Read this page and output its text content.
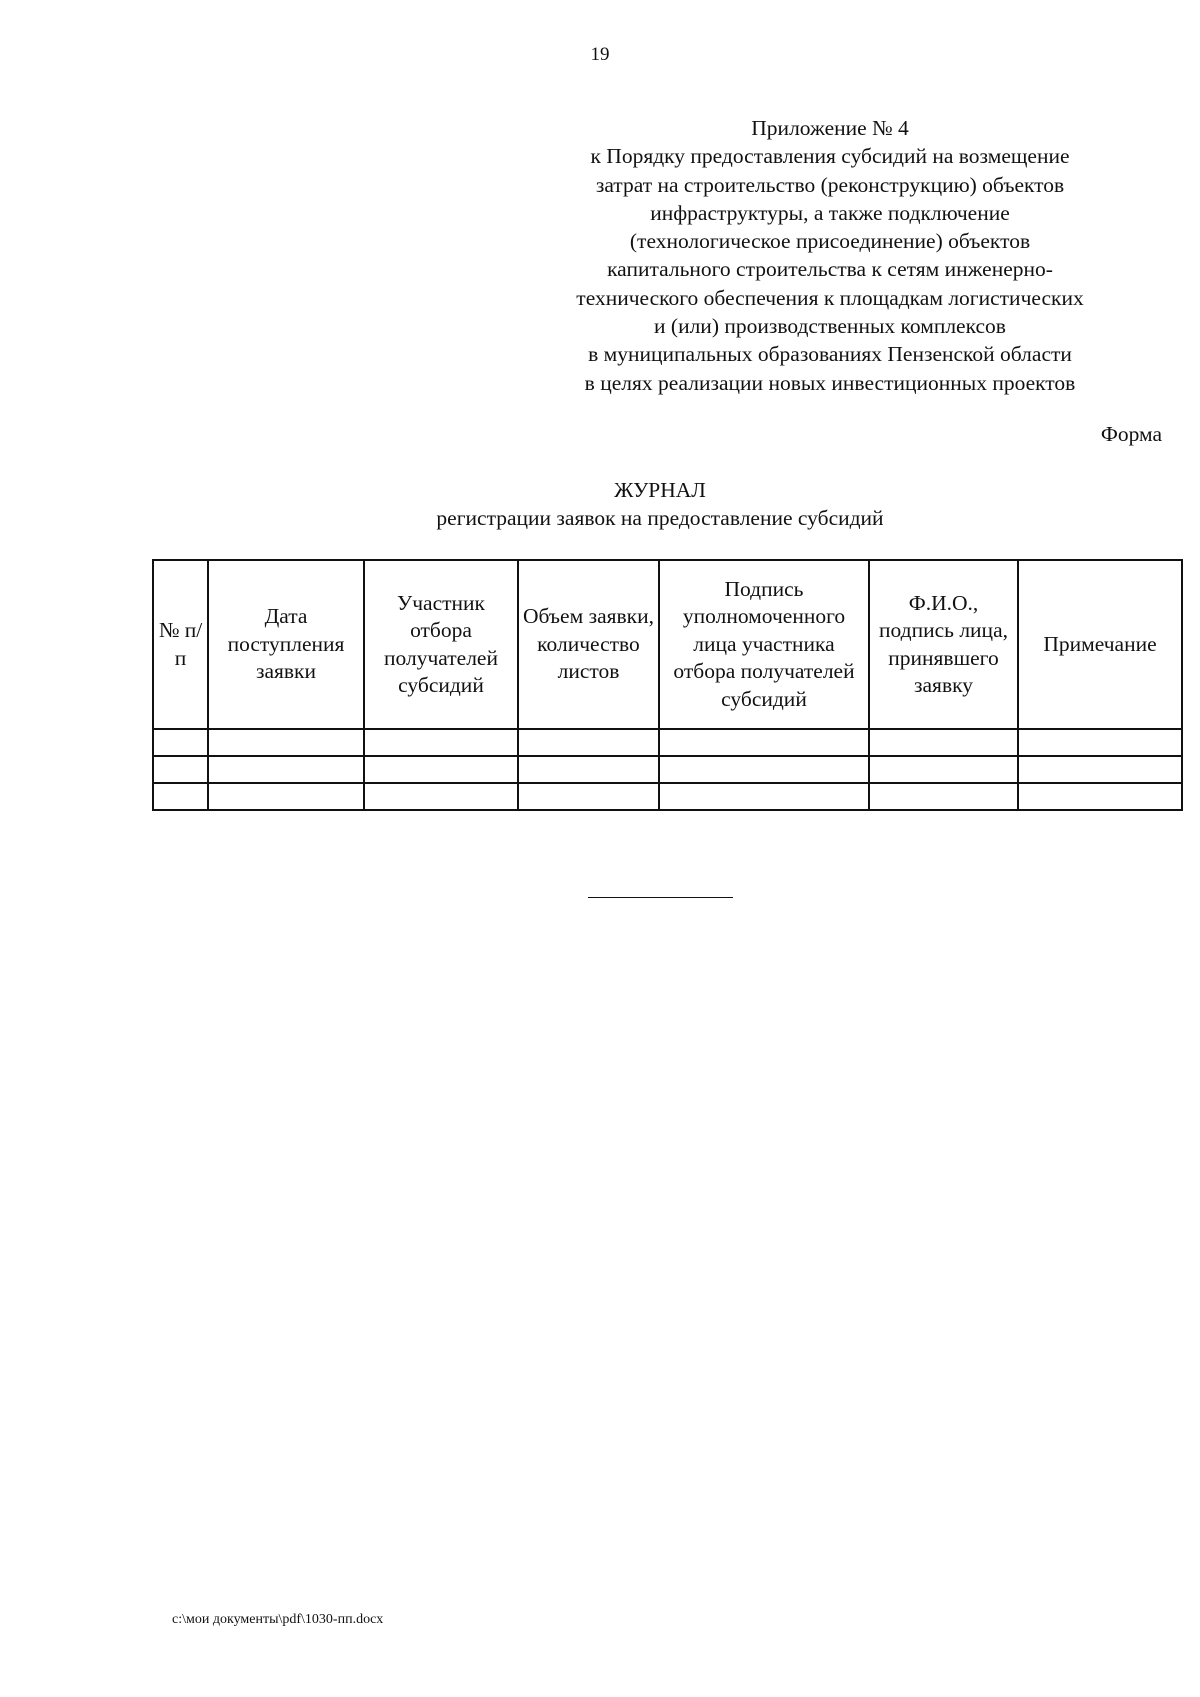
19
Приложение № 4
к Порядку предоставления субсидий на возмещение
затрат на строительство (реконструкцию) объектов
инфраструктуры, а также подключение
(технологическое присоединение) объектов
капитального строительства к сетям инженерно-
технического обеспечения к площадкам логистических
и (или) производственных комплексов
в муниципальных образованиях Пензенской области
в целях реализации новых инвестиционных проектов
Форма
ЖУРНАЛ
регистрации заявок на предоставление субсидий
№ п/п	Дата поступления заявки	Участник отбора получателей субсидий	Объем заявки, количество листов	Подпись уполномоченного лица участника отбора получателей субсидий	Ф.И.О., подпись лица, принявшего заявку	Примечание

c:\мои документы\pdf\1030-пп.docx
